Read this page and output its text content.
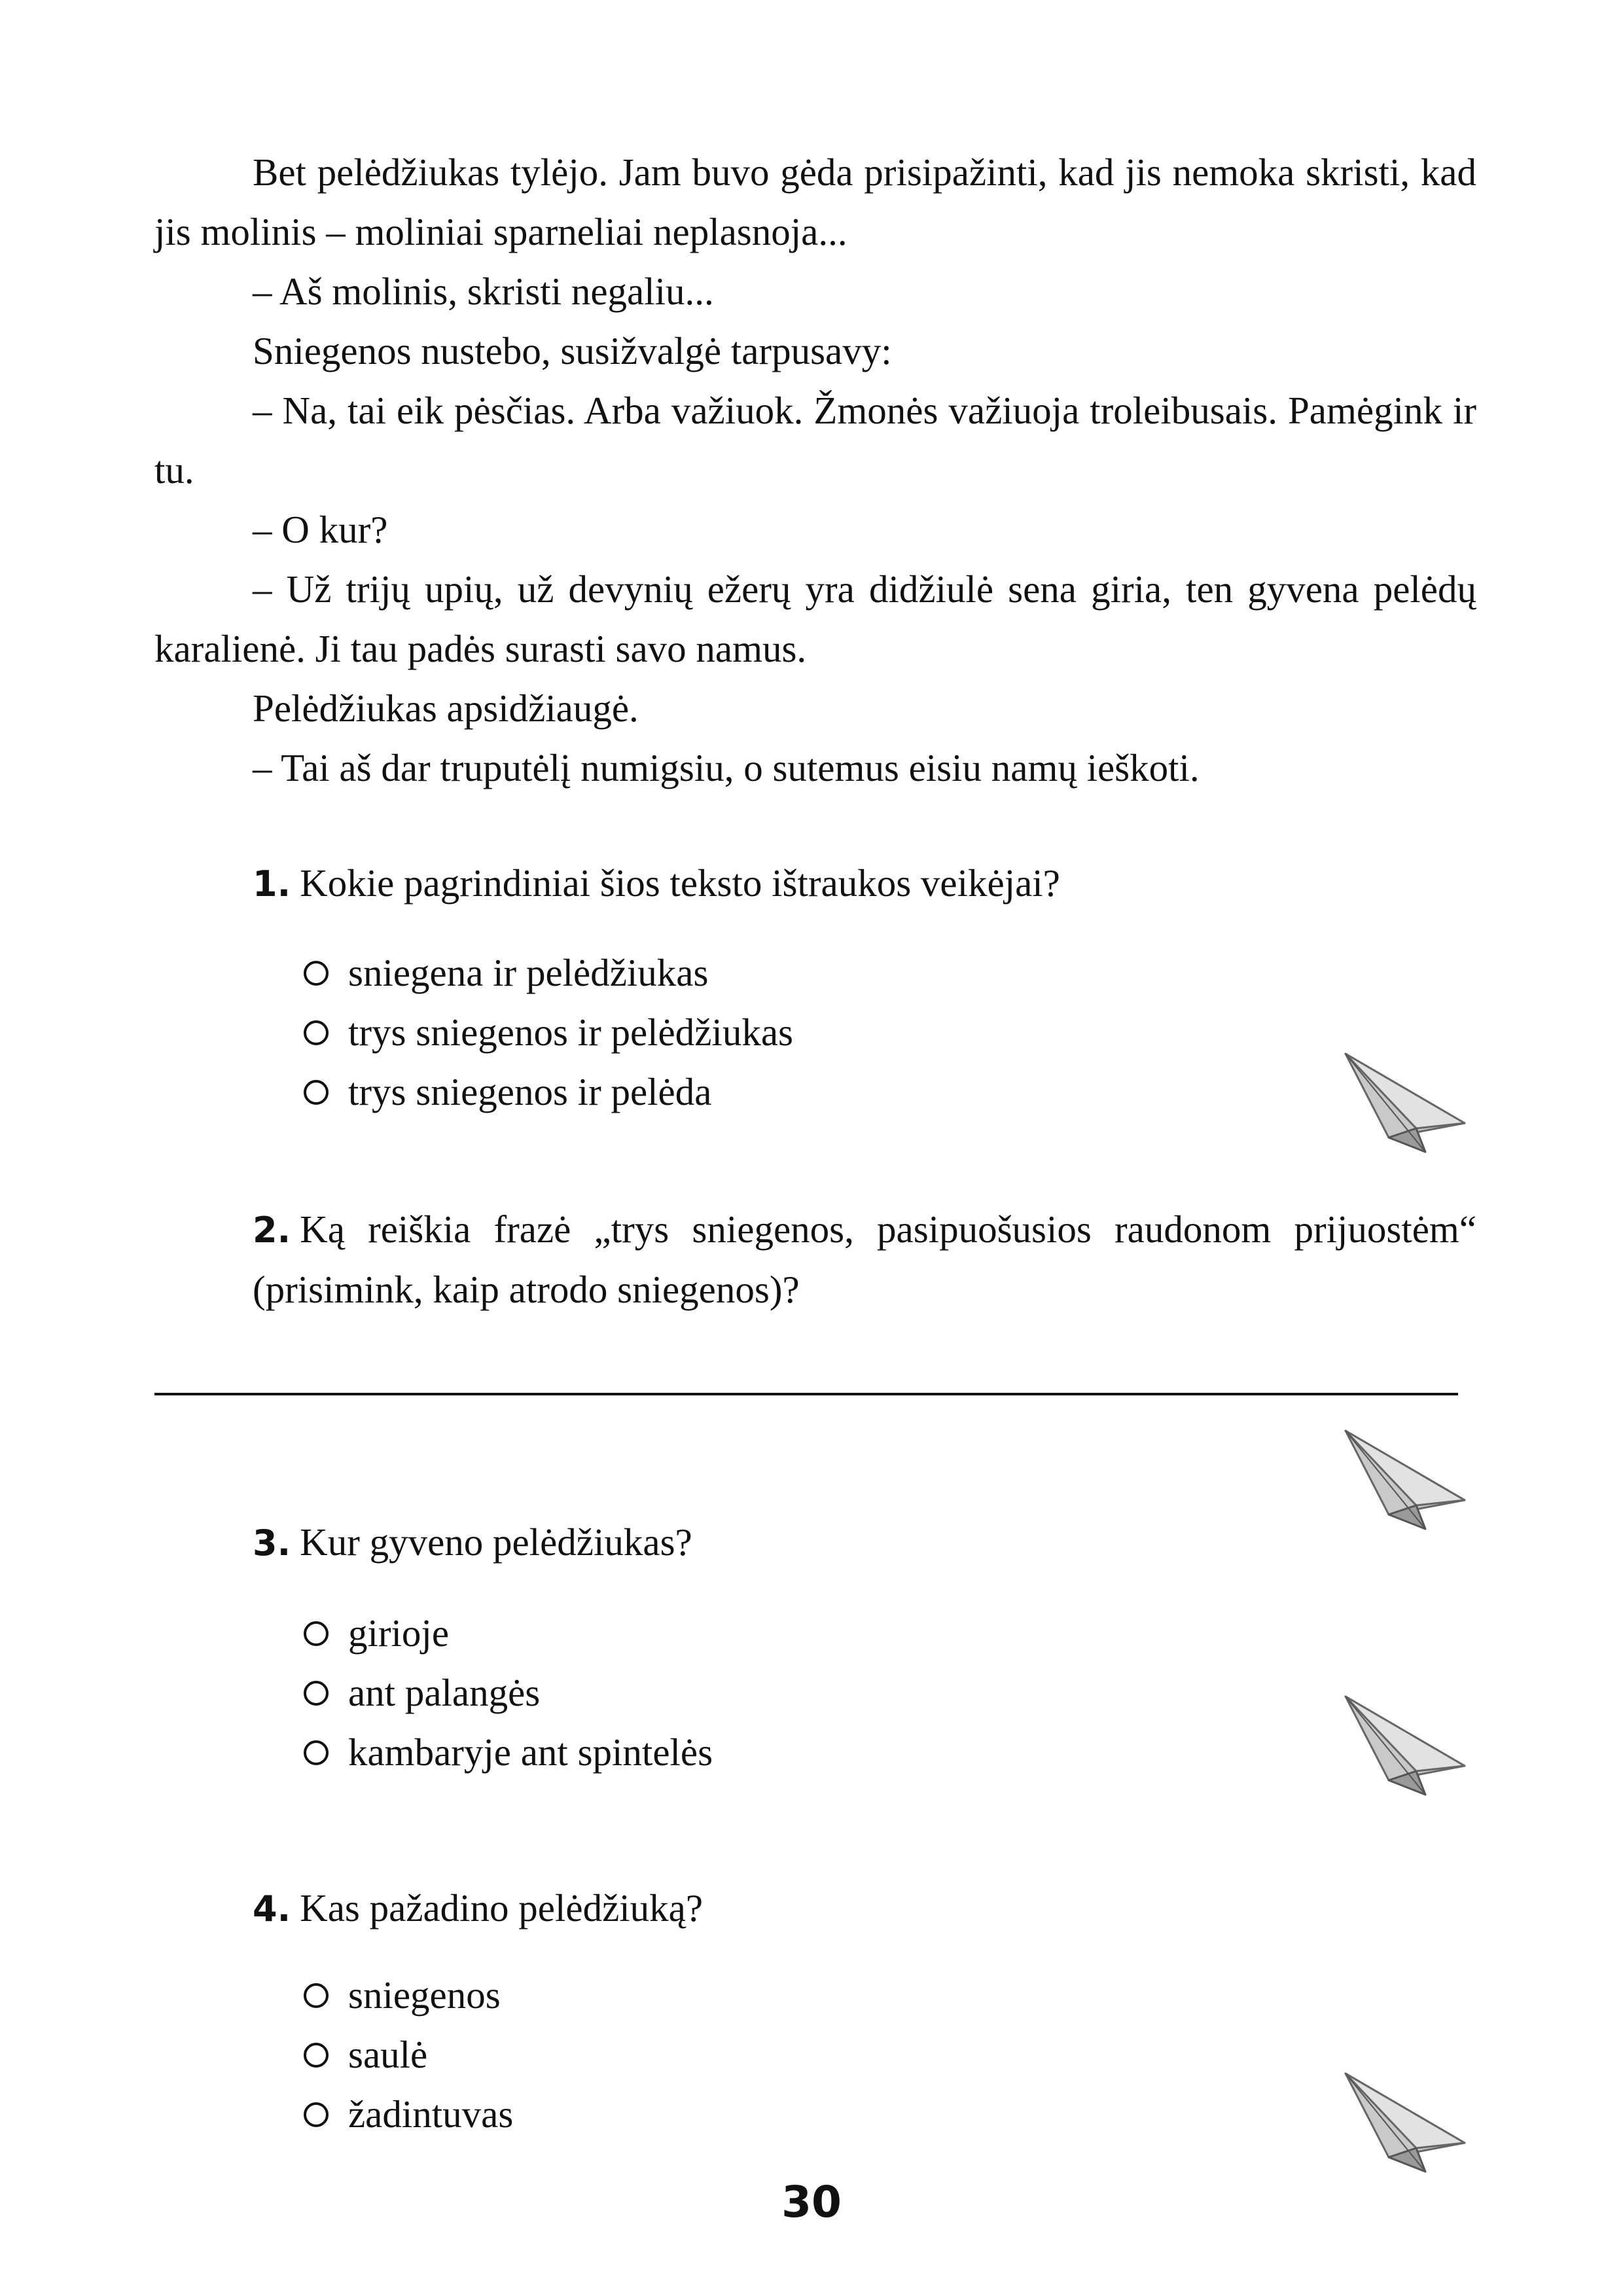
Bet pelėdžiukas tylėjo. Jam buvo gėda prisipažinti, kad jis nemoka skristi, kad jis molinis – moliniai sparneliai neplasnoja...

– Aš molinis, skristi negaliu...

Sniegenos nustebo, susižvalgė tarpusavy:

– Na, tai eik pėsčias. Arba važiuok. Žmonės važiuoja troleibusais. Pamėgink ir tu.

– O kur?

– Už trijų upių, už devynių ežerų yra didžiulė sena giria, ten gyvena pelėdų karalienė. Ji tau padės surasti savo namus.

Pelėdžiukas apsidžiaugė.

– Tai aš dar truputėlį numigsiu, o sutemus eisiu namų ieškoti.

1. Kokie pagrindiniai šios teksto ištraukos veikėjai?
sniegena ir pelėdžiukas
trys sniegenos ir pelėdžiukas
trys sniegenos ir pelėda
2. Ką reiškia frazė „trys sniegenos, pasipuošusios raudonom prijuostėm“ (prisimink, kaip atrodo sniegenos)?
3. Kur gyveno pelėdžiukas?
girioje
ant palangės
kambaryje ant spintelės
4. Kas pažadino pelėdžiuką?
sniegenos
saulė
žadintuvas
30
